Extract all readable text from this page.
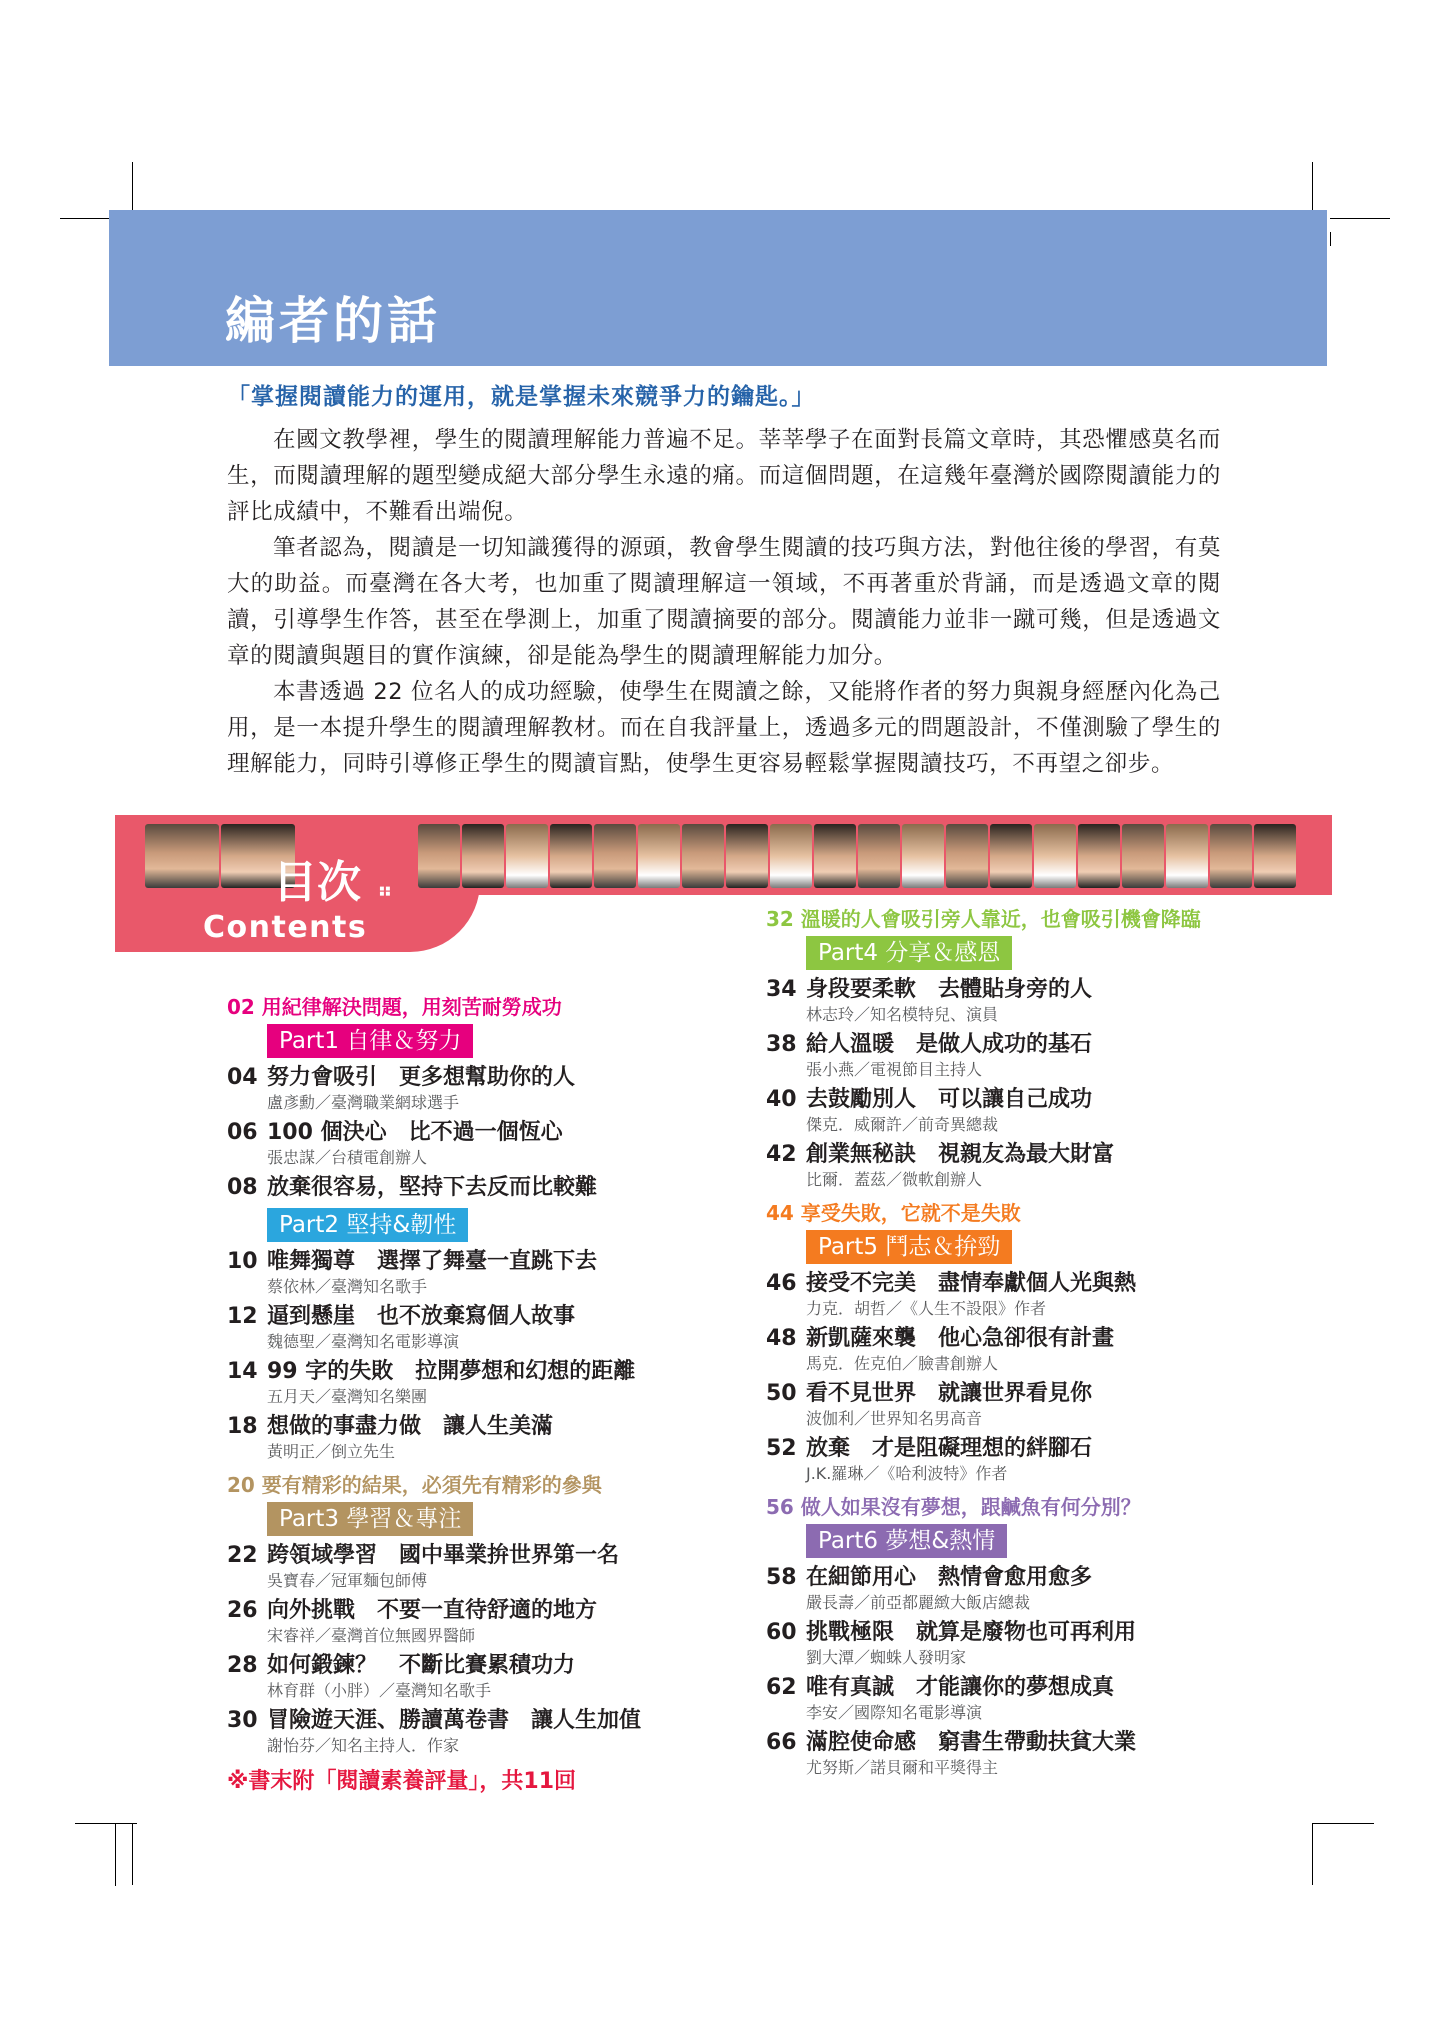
編者的話
「掌握閱讀能力的運用，就是掌握未來競爭力的鑰匙。」

在國文教學裡，學生的閱讀理解能力普遍不足。莘莘學子在面對長篇文章時，其恐懼感莫名而生，而閱讀理解的題型變成絕大部分學生永遠的痛。而這個問題，在這幾年臺灣於國際閱讀能力的評比成績中，不難看出端倪。

筆者認為，閱讀是一切知識獲得的源頭，教會學生閱讀的技巧與方法，對他往後的學習，有莫大的助益。而臺灣在各大考，也加重了閱讀理解這一領域，不再著重於背誦，而是透過文章的閱讀，引導學生作答，甚至在學測上，加重了閱讀摘要的部分。閱讀能力並非一蹴可幾，但是透過文章的閱讀與題目的實作演練，卻是能為學生的閱讀理解能力加分。

本書透過 22 位名人的成功經驗，使學生在閱讀之餘，又能將作者的努力與親身經歷內化為己用，是一本提升學生的閱讀理解教材。而在自我評量上，透過多元的問題設計，不僅測驗了學生的理解能力，同時引導修正學生的閱讀盲點，使學生更容易輕鬆掌握閱讀技巧，不再望之卻步。

目次 ⠶
Contents
02 用紀律解決問題，用刻苦耐勞成功
Part1 自律＆努力
04 努力會吸引　更多想幫助你的人
盧彥勳／臺灣職業網球選手
06 100 個決心　比不過一個恆心
張忠謀／台積電創辦人
08 放棄很容易，堅持下去反而比較難
Part2 堅持&韌性
10 唯舞獨尊　選擇了舞臺一直跳下去
蔡依林／臺灣知名歌手
12 逼到懸崖　也不放棄寫個人故事
魏德聖／臺灣知名電影導演
14 99 字的失敗　拉開夢想和幻想的距離
五月天／臺灣知名樂團
18 想做的事盡力做　讓人生美滿
黃明正／倒立先生
20 要有精彩的結果，必須先有精彩的參與
Part3 學習＆專注
22 跨領域學習　國中畢業拚世界第一名
吳寶春／冠軍麵包師傅
26 向外挑戰　不要一直待舒適的地方
宋睿祥／臺灣首位無國界醫師
28 如何鍛鍊？　不斷比賽累積功力
林育群（小胖）／臺灣知名歌手
30 冒險遊天涯、勝讀萬卷書　讓人生加值
謝怡芬／知名主持人．作家
※書末附「閱讀素養評量」，共11回
32 溫暖的人會吸引旁人靠近，也會吸引機會降臨
Part4 分享＆感恩
34 身段要柔軟　去體貼身旁的人
林志玲／知名模特兒、演員
38 給人溫暖　是做人成功的基石
張小燕／電視節目主持人
40 去鼓勵別人　可以讓自己成功
傑克．威爾許／前奇異總裁
42 創業無秘訣　視親友為最大財富
比爾．蓋茲／微軟創辦人
44 享受失敗，它就不是失敗
Part5 鬥志＆拚勁
46 接受不完美　盡情奉獻個人光與熱
力克．胡哲／《人生不設限》作者
48 新凱薩來襲　他心急卻很有計畫
馬克．佐克伯／臉書創辦人
50 看不見世界　就讓世界看見你
波伽利／世界知名男高音
52 放棄　才是阻礙理想的絆腳石
J.K.羅琳／《哈利波特》作者
56 做人如果沒有夢想，跟鹹魚有何分別？
Part6 夢想&熱情
58 在細節用心　熱情會愈用愈多
嚴長壽／前亞都麗緻大飯店總裁
60 挑戰極限　就算是廢物也可再利用
劉大潭／蜘蛛人發明家
62 唯有真誠　才能讓你的夢想成真
李安／國際知名電影導演
66 滿腔使命感　窮書生帶動扶貧大業
尤努斯／諾貝爾和平獎得主
